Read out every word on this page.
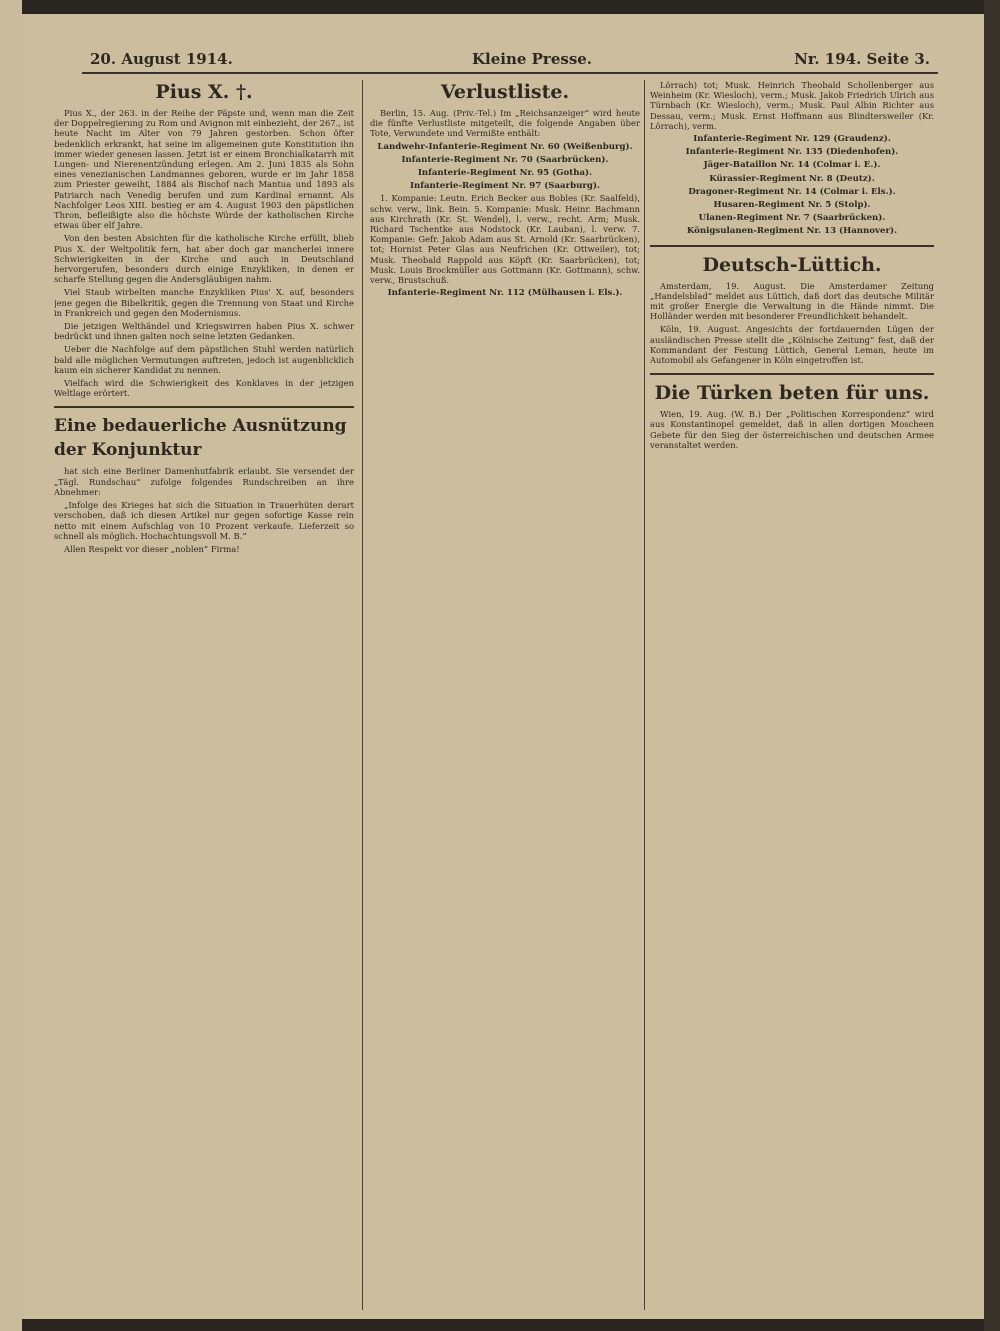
20. August 1914.	Kleine Presse.	Nr. 194. Seite 3.
Pius X. †.

Pius X., der 263. in der Reihe der Päpste und, wenn man die Zeit der Doppelregierung zu Rom und Avignon mit einbezieht, der 267., ist heute Nacht im Alter von 79 Jahren gestorben. Schon öfter bedenklich erkrankt, hat seine im allgemeinen gute Konstitution ihn immer wieder genesen lassen. Jetzt ist er einem Bronchialkatarrh mit Lungen- und Nierenentzündung erlegen. Am 2. Juni 1835 als Sohn eines venezianischen Landmannes geboren, wurde er im Jahr 1858 zum Priester geweiht, 1884 als Bischof nach Mantua und 1893 als Patriarch nach Venedig berufen und zum Kardinal ernannt. Als Nachfolger Leos XIII. bestieg er am 4. August 1903 den päpstlichen Thron, befleißigte also die höchste Würde der katholischen Kirche etwas über elf Jahre.

Von den besten Absichten für die katholische Kirche erfüllt, blieb Pius X. der Weltpolitik fern, hat aber doch gar mancherlei innere Schwierigkeiten in der Kirche und auch in Deutschland hervorgerufen, besonders durch einige Enzykliken, in denen er scharfe Stellung gegen die Andersgläubigen nahm.

Viel Staub wirbelten manche Enzykliken Pius' X. auf, besonders jene gegen die Bibelkritik, gegen die Trennung von Staat und Kirche in Frankreich und gegen den Modernismus.

Die jetzigen Welthändel und Kriegswirren haben Pius X. schwer bedrückt und ihnen galten noch seine letzten Gedanken.

Ueber die Nachfolge auf dem päpstlichen Stuhl werden natürlich bald alle möglichen Vermutungen auftreten, jedoch ist augenblicklich kaum ein sicherer Kandidat zu nennen.

Vielfach wird die Schwierigkeit des Konklaves in der jetzigen Weltlage erörtert.

Eine bedauerliche Ausnützung der Konjunktur

hat sich eine Berliner Damenhutfabrik erlaubt. Sie versendet der „Tägl. Rundschau“ zufolge folgendes Rundschreiben an ihre Abnehmer:

„Infolge des Krieges hat sich die Situation in Trauerhüten derart verschoben, daß ich diesen Artikel nur gegen sofortige Kasse rein netto mit einem Aufschlag von 10 Prozent verkaufe. Lieferzeit so schnell als möglich. Hochachtungsvoll M. B.“

Allen Respekt vor dieser „noblen“ Firma!

Verlustliste.

Berlin, 15. Aug. (Priv.-Tel.) Im „Reichsanzeiger“ wird heute die fünfte Verlustliste mitgeteilt, die folgende Angaben über Tote, Verwundete und Vermißte enthält:

Landwehr-Infanterie-Regiment Nr. 60 (Weißenburg).
Infanterie-Regiment Nr. 70 (Saarbrücken).
Infanterie-Regiment Nr. 95 (Gotha).
Infanterie-Regiment Nr. 97 (Saarburg).

1. Kompanie: Leutn. Erich Becker aus Bobles (Kr. Saalfeld), schw. verw., link. Bein. 5. Kompanie: Musk. Heinr. Bachmann aus Kirchrath (Kr. St. Wendel), l. verw., recht. Arm; Musk. Richard Tschentke aus Nodstock (Kr. Lauban), l. verw. 7. Kompanie: Gefr. Jakob Adam aus St. Arnold (Kr. Saarbrücken), tot; Hornist Peter Glas aus Neufrichen (Kr. Ottweiler), tot; Musk. Theobald Rappold aus Köpft (Kr. Saarbrücken), tot; Musk. Louis Brockmüller aus Gottmann (Kr. Gottmann), schw. verw., Brustschuß.

Infanterie-Regiment Nr. 112 (Mülhausen i. Els.).

Lörrach) tot; Musk. Heinrich Theobald Schollenberger aus Weinheim (Kr. Wiesloch), verm.; Musk. Jakob Friedrich Ulrich aus Türnbach (Kr. Wiesloch), verm.; Musk. Paul Albin Richter aus Dessau, verm.; Musk. Ernst Hoffmann aus Blindtersweiler (Kr. Lörrach), verm.

Infanterie-Regiment Nr. 129 (Graudenz).
Infanterie-Regiment Nr. 135 (Diedenhofen).
Jäger-Bataillon Nr. 14 (Colmar i. E.).
Kürassier-Regiment Nr. 8 (Deutz).
Dragoner-Regiment Nr. 14 (Colmar i. Els.).
Husaren-Regiment Nr. 5 (Stolp).
Ulanen-Regiment Nr. 7 (Saarbrücken).
Königsulanen-Regiment Nr. 13 (Hannover).
Deutsch-Lüttich.

Amsterdam, 19. August. Die Amsterdamer Zeitung „Handelsblad“ meldet aus Lüttich, daß dort das deutsche Militär mit großer Energie die Verwaltung in die Hände nimmt. Die Holländer werden mit besonderer Freundlichkeit behandelt.

Köln, 19. August. Angesichts der fortdauernden Lügen der ausländischen Presse stellt die „Kölnische Zeitung“ fest, daß der Kommandant der Festung Lüttich, General Leman, heute im Automobil als Gefangener in Köln eingetroffen ist.

Die Türken beten für uns.

Wien, 19. Aug. (W. B.) Der „Politischen Korrespondenz“ wird aus Konstantinopel gemeldet, daß in allen dortigen Moscheen Gebete für den Sieg der österreichischen und deutschen Armee veranstaltet werden.
